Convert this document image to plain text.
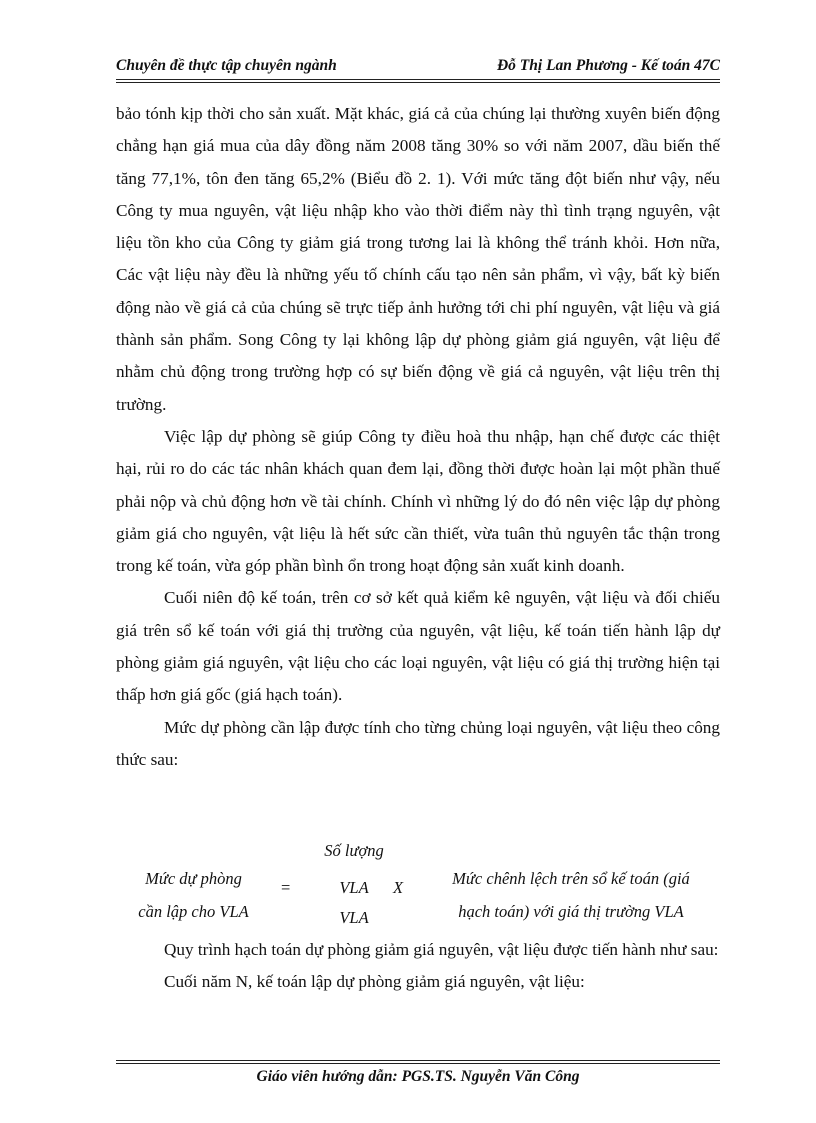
Chuyên đề thực tập chuyên ngành	Đỗ Thị Lan Phương - Kế toán 47C

bảo tónh kịp thời cho sản xuất. Mặt khác, giá cả của chúng lại thường xuyên biến động chẳng hạn giá mua của dây đồng năm 2008 tăng 30% so với năm 2007, dầu biến thế tăng 77,1%, tôn đen tăng 65,2% (Biểu đồ 2. 1). Với mức tăng đột biến như vậy, nếu Công ty mua nguyên, vật liệu nhập kho vào thời điểm này thì tình trạng nguyên, vật liệu tồn kho của Công ty giảm giá trong tương lai là không thể tránh khỏi. Hơn nữa, Các vật liệu này đều là những yếu tố chính cấu tạo nên sản phẩm, vì vậy, bất kỳ biến động nào về giá cả của chúng sẽ trực tiếp ảnh hưởng tới chi phí nguyên, vật liệu và giá thành sản phẩm. Song Công ty lại không lập dự phòng giảm giá nguyên, vật liệu để nhằm chủ động trong trường hợp có sự biến động về giá cả nguyên, vật liệu trên thị trường.

Việc lập dự phòng sẽ giúp Công ty điều hoà thu nhập, hạn chế được các thiệt hại, rủi ro do các tác nhân khách quan đem lại, đồng thời được hoàn lại một phần thuế phải nộp và chủ động hơn về tài chính. Chính vì những lý do đó nên việc lập dự phòng giảm giá cho nguyên, vật liệu là hết sức cần thiết, vừa tuân thủ nguyên tắc thận trong trong kế toán, vừa góp phần bình ổn trong hoạt động sản xuất kinh doanh.

Cuối niên độ kế toán, trên cơ sở kết quả kiểm kê nguyên, vật liệu và đối chiếu giá trên sổ kế toán với giá thị trường của nguyên, vật liệu, kế toán tiến hành lập dự phòng giảm giá nguyên, vật liệu cho các loại nguyên, vật liệu có giá thị trường hiện tại thấp hơn giá gốc (giá hạch toán).

Mức dự phòng cần lập được tính cho từng chủng loại nguyên, vật liệu theo công thức sau:

Mức dự phòng
cần lập cho VLA
=
Số lượng
VLA
VLA
X	Mức chênh lệch trên sổ kế toán (giá
hạch toán) với giá thị trường VLA

Quy trình hạch toán dự phòng giảm giá nguyên, vật liệu được tiến hành như sau:

Cuối năm N, kế toán lập dự phòng giảm giá nguyên, vật liệu:

Giáo viên hướng dẫn: PGS.TS. Nguyễn Văn Công
